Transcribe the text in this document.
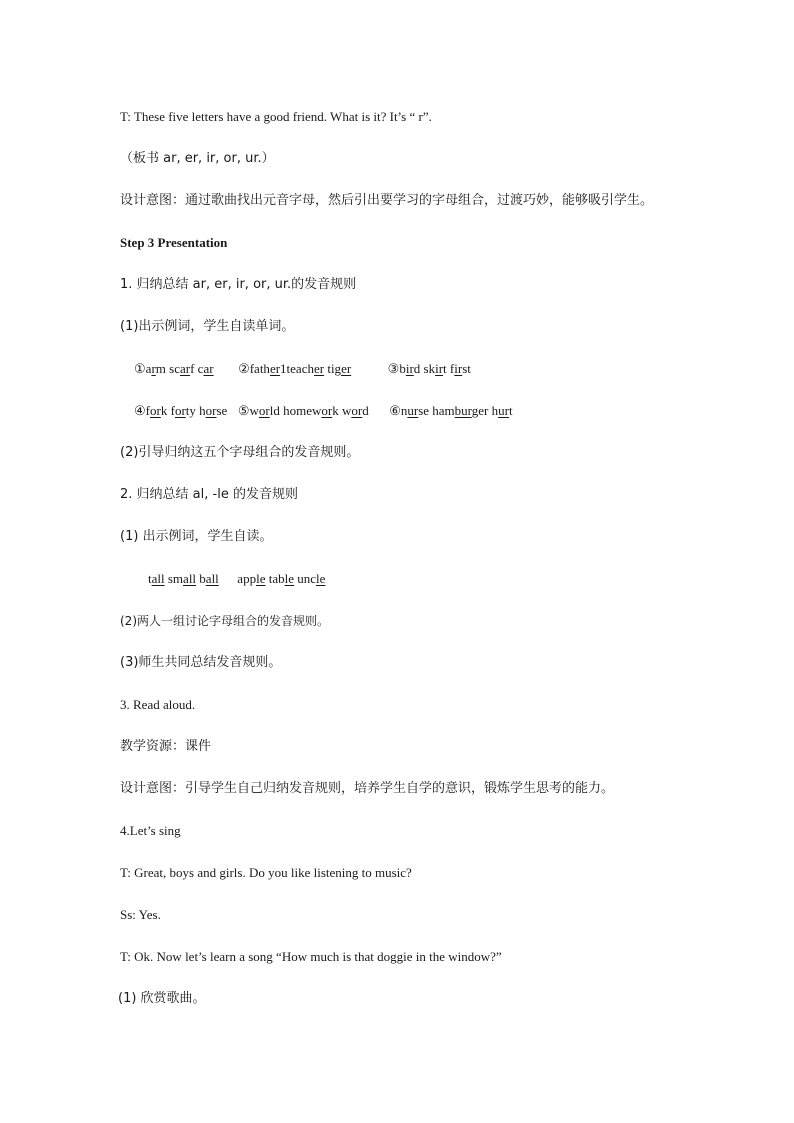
T: These five letters have a good friend. What is it? It’s “ r”.
（板书 ar, er, ir, or, ur.）
设计意图：通过歌曲找出元音字母，然后引出要学习的字母组合，过渡巧妙，能够吸引学生。
Step 3 Presentation
1. 归纳总结 ar, er, ir, or, ur.的发音规则
(1)出示例词，学生自读单词。
①arm scarf car ②father1teacher tiger	③bird skirt first
④fork forty horse ⑤world homework word ⑥nurse hamburger hurt
(2)引导归纳这五个字母组合的发音规则。
2. 归纳总结 al, -le 的发音规则
(1) 出示例词，学生自读。
tall small ball apple table uncle
(2)两人一组讨论字母组合的发音规则。
(3)师生共同总结发音规则。
3. Read aloud.
教学资源：课件
设计意图：引导学生自己归纳发音规则，培养学生自学的意识，锻炼学生思考的能力。
4.Let’s sing
T: Great, boys and girls. Do you like listening to music?
Ss: Yes.
T: Ok. Now let’s learn a song “How much is that doggie in the window?”
(1) 欣赏歌曲。
